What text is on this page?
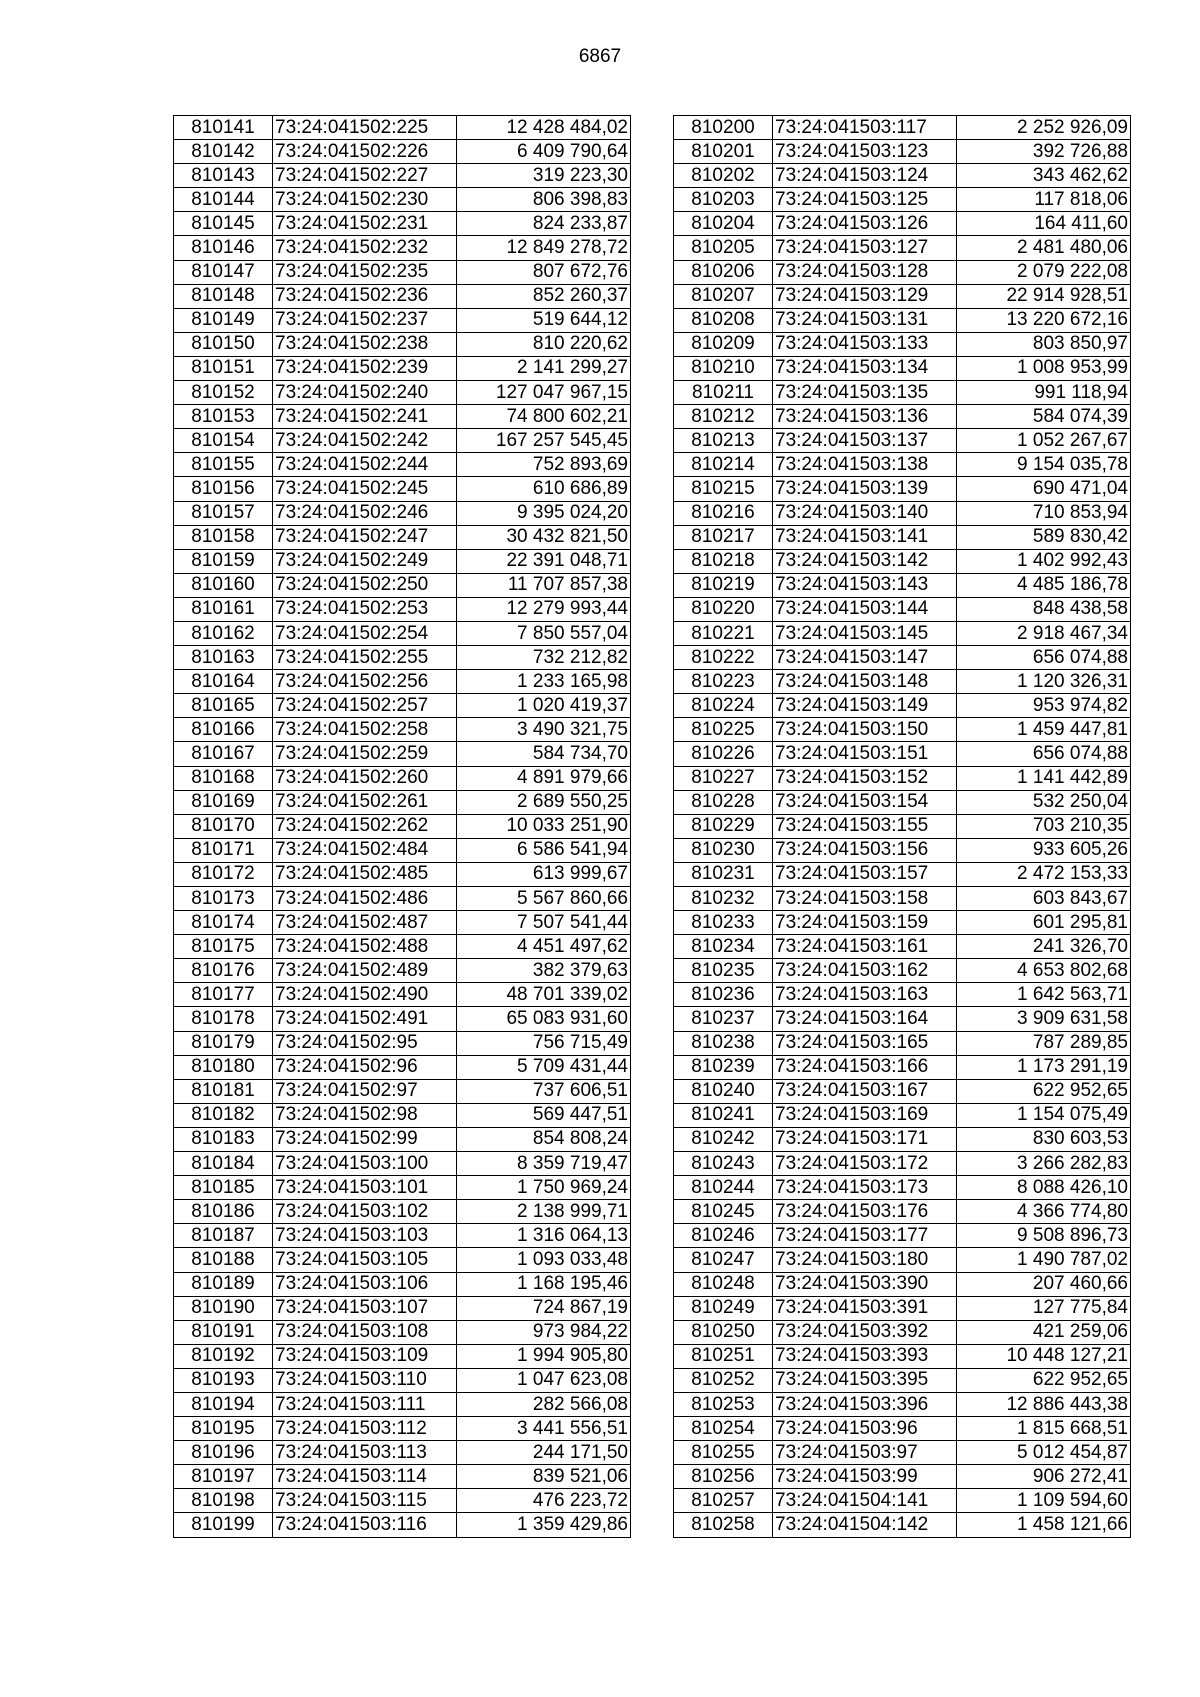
6867
810141	73:24:041502:225	12 428 484,02
810142	73:24:041502:226	6 409 790,64
810143	73:24:041502:227	319 223,30
810144	73:24:041502:230	806 398,83
810145	73:24:041502:231	824 233,87
810146	73:24:041502:232	12 849 278,72
810147	73:24:041502:235	807 672,76
810148	73:24:041502:236	852 260,37
810149	73:24:041502:237	519 644,12
810150	73:24:041502:238	810 220,62
810151	73:24:041502:239	2 141 299,27
810152	73:24:041502:240	127 047 967,15
810153	73:24:041502:241	74 800 602,21
810154	73:24:041502:242	167 257 545,45
810155	73:24:041502:244	752 893,69
810156	73:24:041502:245	610 686,89
810157	73:24:041502:246	9 395 024,20
810158	73:24:041502:247	30 432 821,50
810159	73:24:041502:249	22 391 048,71
810160	73:24:041502:250	11 707 857,38
810161	73:24:041502:253	12 279 993,44
810162	73:24:041502:254	7 850 557,04
810163	73:24:041502:255	732 212,82
810164	73:24:041502:256	1 233 165,98
810165	73:24:041502:257	1 020 419,37
810166	73:24:041502:258	3 490 321,75
810167	73:24:041502:259	584 734,70
810168	73:24:041502:260	4 891 979,66
810169	73:24:041502:261	2 689 550,25
810170	73:24:041502:262	10 033 251,90
810171	73:24:041502:484	6 586 541,94
810172	73:24:041502:485	613 999,67
810173	73:24:041502:486	5 567 860,66
810174	73:24:041502:487	7 507 541,44
810175	73:24:041502:488	4 451 497,62
810176	73:24:041502:489	382 379,63
810177	73:24:041502:490	48 701 339,02
810178	73:24:041502:491	65 083 931,60
810179	73:24:041502:95	756 715,49
810180	73:24:041502:96	5 709 431,44
810181	73:24:041502:97	737 606,51
810182	73:24:041502:98	569 447,51
810183	73:24:041502:99	854 808,24
810184	73:24:041503:100	8 359 719,47
810185	73:24:041503:101	1 750 969,24
810186	73:24:041503:102	2 138 999,71
810187	73:24:041503:103	1 316 064,13
810188	73:24:041503:105	1 093 033,48
810189	73:24:041503:106	1 168 195,46
810190	73:24:041503:107	724 867,19
810191	73:24:041503:108	973 984,22
810192	73:24:041503:109	1 994 905,80
810193	73:24:041503:110	1 047 623,08
810194	73:24:041503:111	282 566,08
810195	73:24:041503:112	3 441 556,51
810196	73:24:041503:113	244 171,50
810197	73:24:041503:114	839 521,06
810198	73:24:041503:115	476 223,72
810199	73:24:041503:116	1 359 429,86
810200	73:24:041503:117	2 252 926,09
810201	73:24:041503:123	392 726,88
810202	73:24:041503:124	343 462,62
810203	73:24:041503:125	117 818,06
810204	73:24:041503:126	164 411,60
810205	73:24:041503:127	2 481 480,06
810206	73:24:041503:128	2 079 222,08
810207	73:24:041503:129	22 914 928,51
810208	73:24:041503:131	13 220 672,16
810209	73:24:041503:133	803 850,97
810210	73:24:041503:134	1 008 953,99
810211	73:24:041503:135	991 118,94
810212	73:24:041503:136	584 074,39
810213	73:24:041503:137	1 052 267,67
810214	73:24:041503:138	9 154 035,78
810215	73:24:041503:139	690 471,04
810216	73:24:041503:140	710 853,94
810217	73:24:041503:141	589 830,42
810218	73:24:041503:142	1 402 992,43
810219	73:24:041503:143	4 485 186,78
810220	73:24:041503:144	848 438,58
810221	73:24:041503:145	2 918 467,34
810222	73:24:041503:147	656 074,88
810223	73:24:041503:148	1 120 326,31
810224	73:24:041503:149	953 974,82
810225	73:24:041503:150	1 459 447,81
810226	73:24:041503:151	656 074,88
810227	73:24:041503:152	1 141 442,89
810228	73:24:041503:154	532 250,04
810229	73:24:041503:155	703 210,35
810230	73:24:041503:156	933 605,26
810231	73:24:041503:157	2 472 153,33
810232	73:24:041503:158	603 843,67
810233	73:24:041503:159	601 295,81
810234	73:24:041503:161	241 326,70
810235	73:24:041503:162	4 653 802,68
810236	73:24:041503:163	1 642 563,71
810237	73:24:041503:164	3 909 631,58
810238	73:24:041503:165	787 289,85
810239	73:24:041503:166	1 173 291,19
810240	73:24:041503:167	622 952,65
810241	73:24:041503:169	1 154 075,49
810242	73:24:041503:171	830 603,53
810243	73:24:041503:172	3 266 282,83
810244	73:24:041503:173	8 088 426,10
810245	73:24:041503:176	4 366 774,80
810246	73:24:041503:177	9 508 896,73
810247	73:24:041503:180	1 490 787,02
810248	73:24:041503:390	207 460,66
810249	73:24:041503:391	127 775,84
810250	73:24:041503:392	421 259,06
810251	73:24:041503:393	10 448 127,21
810252	73:24:041503:395	622 952,65
810253	73:24:041503:396	12 886 443,38
810254	73:24:041503:96	1 815 668,51
810255	73:24:041503:97	5 012 454,87
810256	73:24:041503:99	906 272,41
810257	73:24:041504:141	1 109 594,60
810258	73:24:041504:142	1 458 121,66
